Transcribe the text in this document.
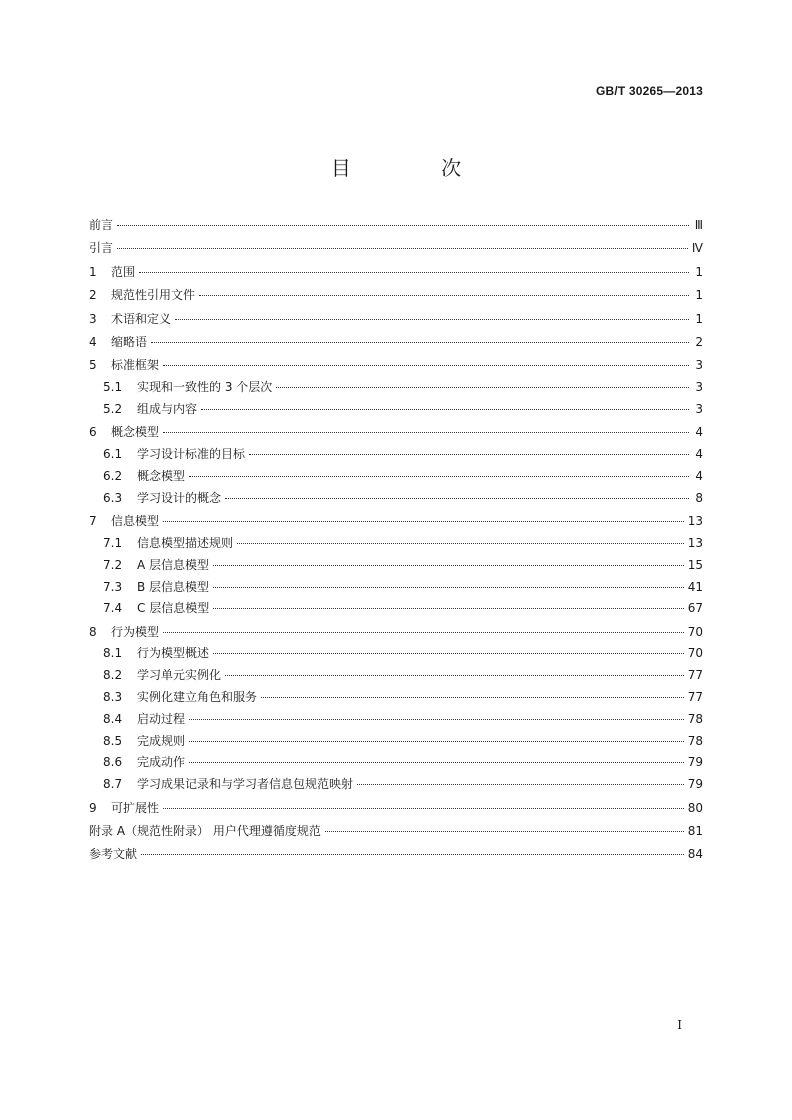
GB/T 30265—2013
目 次
前言	Ⅲ
引言	Ⅳ
1	范围	1
2	规范性引用文件	1
3	术语和定义	1
4	缩略语	2
5	标准框架	3
5.1	实现和一致性的 3 个层次	3
5.2	组成与内容	3
6	概念模型	4
6.1	学习设计标准的目标	4
6.2	概念模型	4
6.3	学习设计的概念	8
7	信息模型	13
7.1	信息模型描述规则	13
7.2	A 层信息模型	15
7.3	B 层信息模型	41
7.4	C 层信息模型	67
8	行为模型	70
8.1	行为模型概述	70
8.2	学习单元实例化	77
8.3	实例化建立角色和服务	77
8.4	启动过程	78
8.5	完成规则	78
8.6	完成动作	79
8.7	学习成果记录和与学习者信息包规范映射	79
9	可扩展性	80
附录 A（规范性附录） 用户代理遵循度规范	81
参考文献	84
I
